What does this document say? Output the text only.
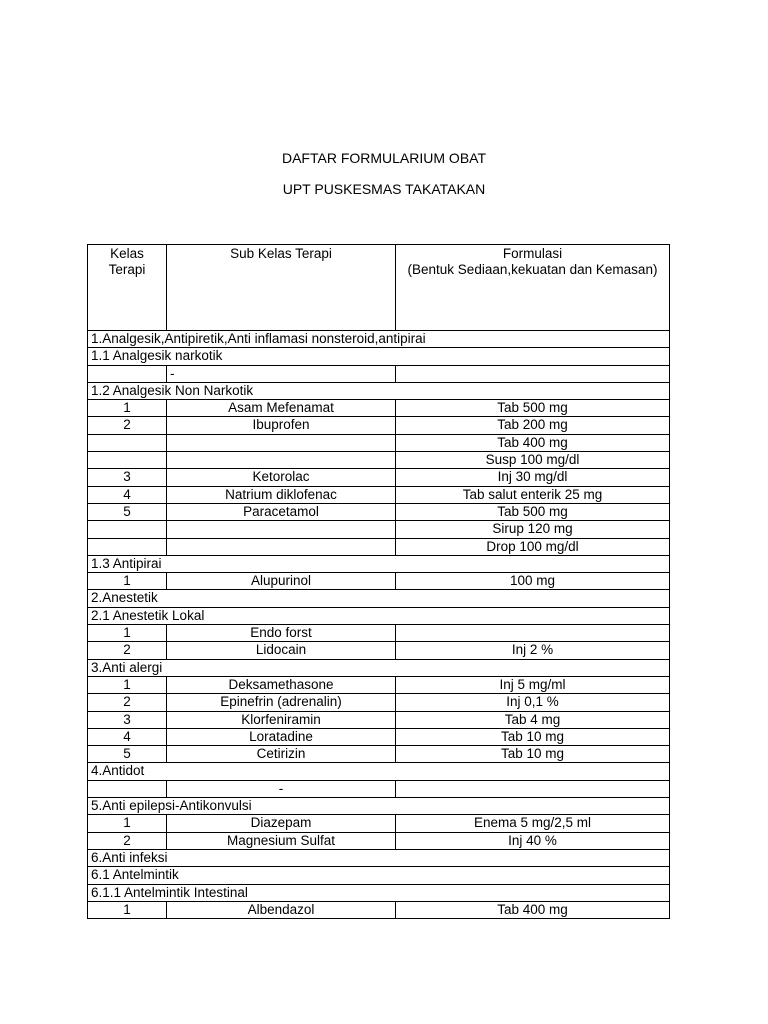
DAFTAR FORMULARIUM OBAT
UPT PUSKESMAS TAKATAKAN
Kelas
Terapi	Sub Kelas Terapi	Formulasi
(Bentuk Sediaan,kekuatan dan Kemasan)
1.Analgesik,Antipiretik,Anti inflamasi nonsteroid,antipirai		
1.1 Analgesik narkotik		
	-	
1.2 Analgesik Non Narkotik		
1	Asam Mefenamat	Tab 500 mg
2	Ibuprofen	Tab 200 mg
		Tab 400 mg
		Susp 100 mg/dl
3	Ketorolac	Inj 30 mg/dl
4	Natrium diklofenac	Tab salut enterik 25 mg
5	Paracetamol	Tab 500 mg
		Sirup 120 mg
		Drop 100 mg/dl
1.3 Antipirai		
1	Alupurinol	100 mg
2.Anestetik		
2.1 Anestetik Lokal		
1	Endo forst	
2	Lidocain	Inj 2 %
3.Anti alergi		
1	Deksamethasone	Inj 5 mg/ml
2	Epinefrin (adrenalin)	Inj 0,1 %
3	Klorfeniramin	Tab 4 mg
4	Loratadine	Tab 10 mg
5	Cetirizin	Tab 10 mg
4.Antidot		
	-	
5.Anti epilepsi-Antikonvulsi		
1	Diazepam	Enema 5 mg/2,5 ml
2	Magnesium Sulfat	Inj 40 %
6.Anti infeksi		
6.1 Antelmintik		
6.1.1 Antelmintik Intestinal		
1	Albendazol	Tab 400 mg
